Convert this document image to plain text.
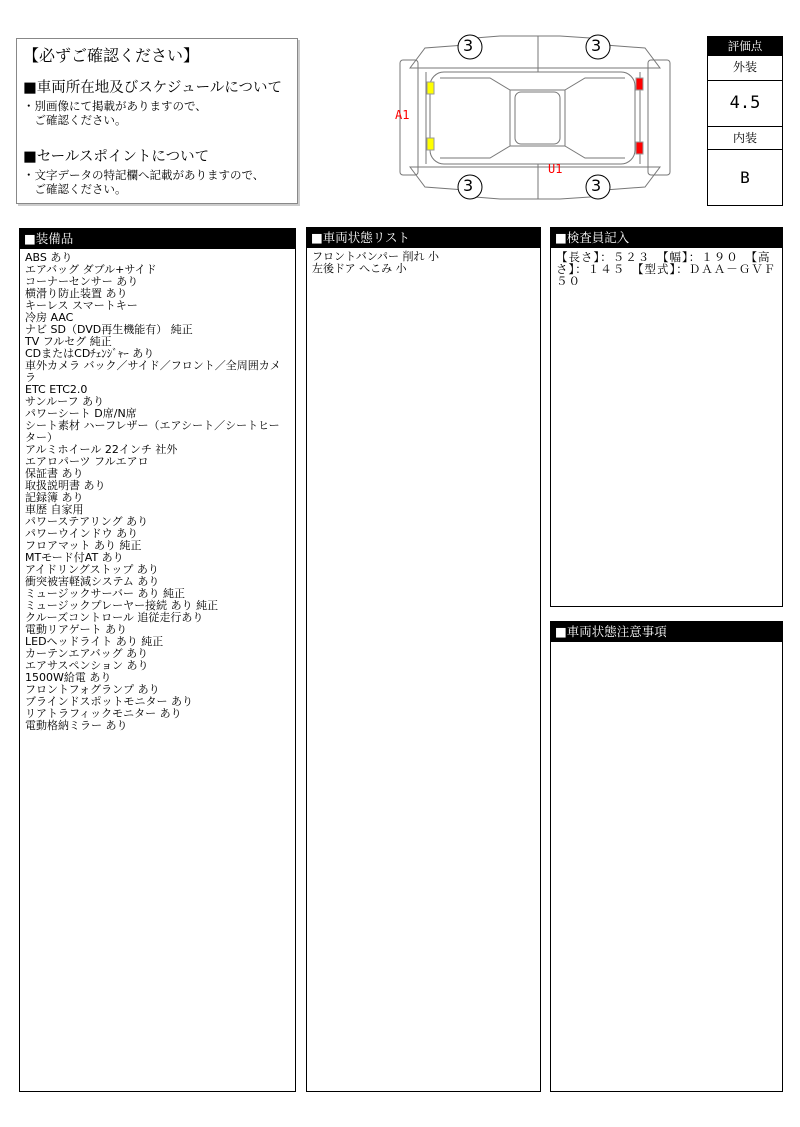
【必ずご確認ください】

■車両所在地及びスケジュールについて

・別画像にて掲載がありますので、
　ご確認ください。

■セールスポイントについて

・文字データの特記欄へ記載がありますので、
　ご確認ください。

3	3
3	3
A1
U1
評価点
外装
4.5
内装
B
■装備品
ABS あり
エアバッグ ダブル+サイド
コーナーセンサー あり
横滑り防止装置 あり
キーレス スマートキー
冷房 AAC
ナビ SD（DVD再生機能有） 純正
TV フルセグ 純正
CDまたはCDﾁｪﾝｼﾞｬｰ あり
車外カメラ バック／サイド／フロント／全周囲カメラ
ETC ETC2.0
サンルーフ あり
パワーシート D席/N席
シート素材 ハーフレザー（エアシート／シートヒーター）
アルミホイール 22インチ 社外
エアロパーツ フルエアロ
保証書 あり
取扱説明書 あり
記録簿 あり
車歴 自家用
パワーステアリング あり
パワーウインドウ あり
フロアマット あり 純正
MTモード付AT あり
アイドリングストップ あり
衝突被害軽減システム あり
ミュージックサーバー あり 純正
ミュージックプレーヤー接続 あり 純正
クルーズコントロール 追従走行あり
電動リアゲート あり
LEDヘッドライト あり 純正
カーテンエアバッグ あり
エアサスペンション あり
1500W給電 あり
フロントフォグランプ あり
ブラインドスポットモニター あり
リアトラフィックモニター あり
電動格納ミラー あり
■車両状態リスト
フロントバンパー 削れ 小
左後ドア へこみ 小
■検査員記入
【長さ】：５２３　【幅】：１９０　【高さ】：１４５　【型式】：ＤＡＡ－ＧＶＦ５０
■車両状態注意事項
